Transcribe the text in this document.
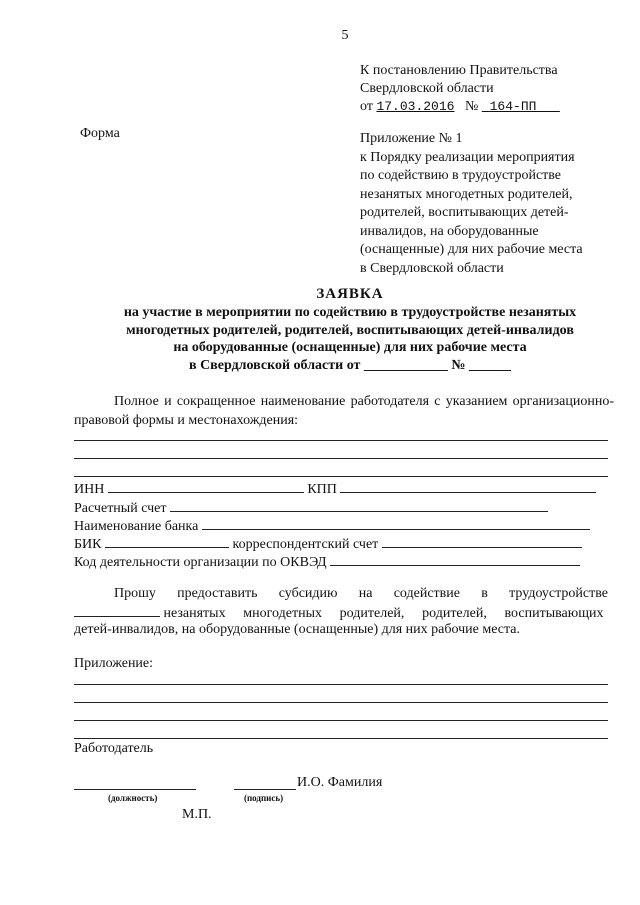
5
К постановлению Правительства
Свердловской области
от 17.03.2016 № 164-ПП
Форма	Приложение № 1
к Порядку реализации мероприятия
по содействию в трудоустройстве
незанятых многодетных родителей,
родителей, воспитывающих детей-
инвалидов, на оборудованные
(оснащенные) для них рабочие места
в Свердловской области
ЗАЯВКА
на участие в мероприятии по содействию в трудоустройстве незанятых
многодетных родителей, родителей, воспитывающих детей-инвалидов
на оборудованные (оснащенные) для них рабочие места
в Свердловской области от ____________ № ______
Полное и сокращенное наименование работодателя с указанием организационно-правовой формы и местонахождения:
ИНН	КПП
Расчетный счет
Наименование банка
БИК	корреспондентский счет
Код деятельности организации по ОКВЭД
Прошу предоставить субсидию на содействие в трудоустройстве
незанятых многодетных родителей, родителей, воспитывающих
детей-инвалидов, на оборудованные (оснащенные) для них рабочие места.
Приложение:
Работодатель
И.О. Фамилия
(должность)	(подпись)
М.П.
